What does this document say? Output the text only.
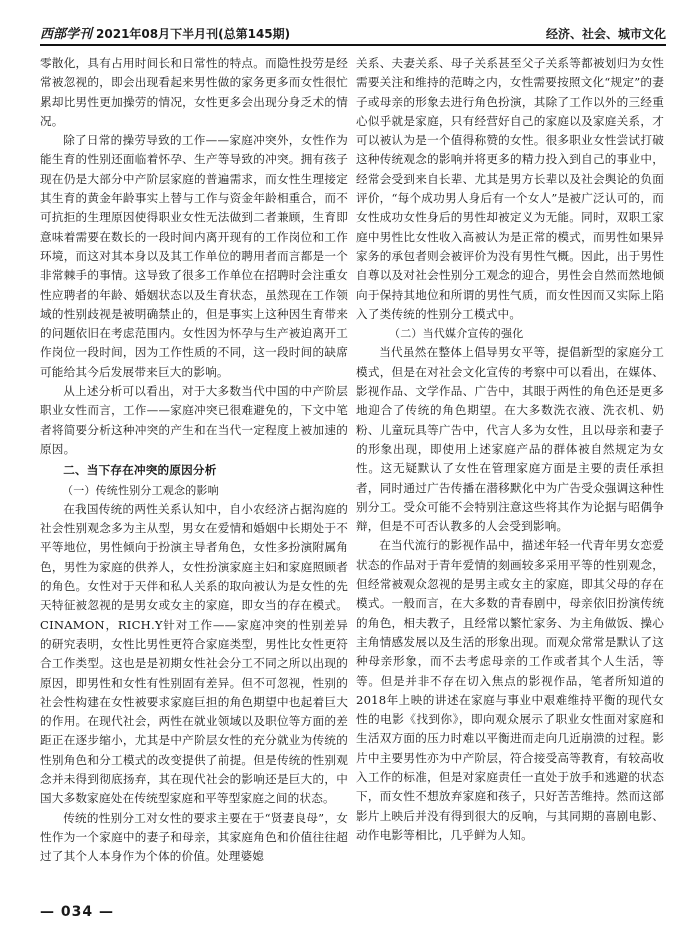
西部学刊 2021年08月下半月刊(总第145期)	经济、社会、城市文化

零散化，具有占用时间长和日常性的特点。而隐性投劳是经常被忽视的，即会出现看起来男性做的家务更多而女性很忙累却比男性更加操劳的情况，女性更多会出现分身乏术的情况。

除了日常的操劳导致的工作——家庭冲突外，女性作为能生育的性别还面临着怀孕、生产等导致的冲突。拥有孩子现在仍是大部分中产阶层家庭的普遍需求，而女性生理接定其生育的黄金年龄事实上替与工作与资金年龄相重合，而不可抗拒的生理原因使得职业女性无法做到二者兼顾，生育即意味着需要在数长的一段时间内离开现有的工作岗位和工作环境，而这对其本身以及其工作单位的聘用者而言都是一个非常棘手的事情。这导致了很多工作单位在招聘时会注重女性应聘者的年龄、婚姻状态以及生育状态，虽然现在工作领域的性别歧视是被明确禁止的，但是事实上这种因生育带来的问题依旧在考虑范围内。女性因为怀孕与生产被迫离开工作岗位一段时间，因为工作性质的不同，这一段时间的缺席可能给其今后发展带来巨大的影响。

从上述分析可以看出，对于大多数当代中国的中产阶层职业女性而言，工作——家庭冲突已很难避免的，下文中笔者将简要分析这种冲突的产生和在当代一定程度上被加速的原因。

二、当下存在冲突的原因分析
（一）传统性别分工观念的影响

在我国传统的两性关系认知中，自小农经济占据沟庭的社会性别观念多为主从型，男女在爱情和婚姻中长期处于不平等地位，男性倾向于扮演主导者角色，女性多扮演附属角色，男性为家庭的供养人，女性扮演家庭主妇和家庭照顾者的角色。女性对于天伴和私人关系的取向被认为是女性的先天特征被忽视的是男女或女主的家庭，即女当的存在模式。CINAMON，RICH.Y针对工作——家庭冲突的性别差异的研究表明，女性比男性更符合家庭类型，男性比女性更符合工作类型。这也是是初期女性社会分工不同之所以出现的原因，即男性和女性有性别固有差异。但不可忽视，性别的社会性构建在女性被要求家庭巨担的角色期望中也起着巨大的作用。在现代社会，两性在就业领域以及职位等方面的差距正在逐步缩小，尤其是中产阶层女性的充分就业为传统的性别角色和分工模式的改变提供了前提。但是传统的性别观念并未得到彻底扬弃，其在现代社会的影响还是巨大的，中国大多数家庭处在传统型家庭和平等型家庭之间的状态。

传统的性别分工对女性的要求主要在于“贤妻良母”，女性作为一个家庭中的妻子和母亲，其家庭角色和价值往往超过了其个人本身作为个体的价值。处理婆媳

关系、夫妻关系、母子关系甚至父子关系等都被划归为女性需要关注和维持的范畴之内，女性需要按照文化“规定”的妻子或母亲的形象去进行角色扮演，其除了工作以外的三经重心似乎就是家庭，只有经营好自己的家庭以及家庭关系，才可以被认为是一个值得称赞的女性。很多职业女性尝试打破这种传统观念的影响并将更多的精力投入到自己的事业中，经常会受到来自长辈、尤其是男方长辈以及社会舆论的负面评价，“每个成功男人身后有一个女人”是被广泛认可的，而女性成功女性身后的男性却被定义为无能。同时，双职工家庭中男性比女性收入高被认为是正常的模式，而男性如果异家务的承包者则会被评价为没有男性气概。因此，出于男性自尊以及对社会性别分工观念的迎合，男性会自然而然地倾向于保持其地位和所谓的男性气质，而女性因而又实际上陷入了类传统的性别分工模式中。

（二）当代媒介宣传的强化

当代虽然在整体上倡导男女平等，提倡新型的家庭分工模式，但是在对社会文化宣传的考察中可以看出，在媒体、影视作品、文学作品、广告中，其眼于两性的角色还是更多地迎合了传统的角色期望。在大多数洗衣液、洗衣机、奶粉、儿童玩具等广告中，代言人多为女性，且以母亲和妻子的形象出现，即使用上述家庭产品的群体被自然规定为女性。这无疑默认了女性在管理家庭方面是主要的责任承担者，同时通过广告传播在潜移默化中为广告受众强调这种性别分工。受众可能不会特别注意这些将其作为论据与昭偶争辩，但是不可否认教多的人会受到影响。

在当代流行的影视作品中，描述年轻一代青年男女恋爱状态的作品对于青年爱情的刻画较多采用平等的性别观念，但经常被观众忽视的是男主或女主的家庭，即其父母的存在模式。一般而言，在大多数的青春剧中，母亲依旧扮演传统的角色，相夫教子，且经常以繁忙家务、为主角做饭、操心主角情感发展以及生活的形象出现。而观众常常是默认了这种母亲形象，而不去考虑母亲的工作或者其个人生活，等等。但是并非不存在切入焦点的影视作品，笔者所知道的2018年上映的讲述在家庭与事业中艰难维持平衡的现代女性的电影《找到你》，即向观众展示了职业女性面对家庭和生活双方面的压力时难以平衡进而走向几近崩溃的过程。影片中主要男性亦为中产阶层，符合接受高等教育，有较高收入工作的标准，但是对家庭责任一直处于放手和逃避的状态下，而女性不想放弃家庭和孩子，只好苦苦维持。然而这部影片上映后并没有得到很大的反响，与其同期的喜剧电影、动作电影等相比，几乎鲜为人知。

— 034 —
